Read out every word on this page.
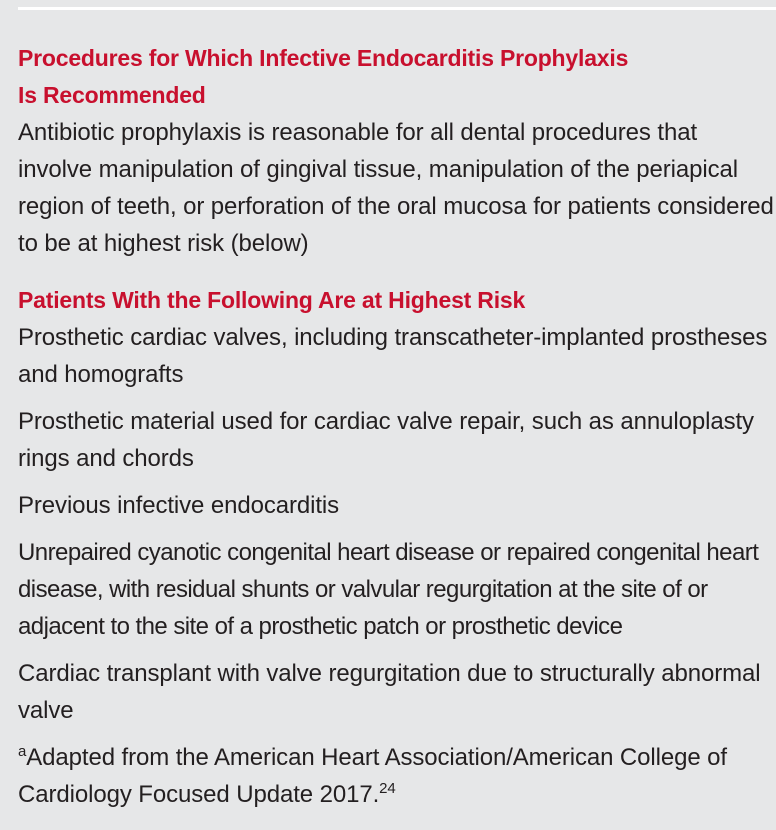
Procedures for Which Infective Endocarditis Prophylaxis
Is Recommended

Antibiotic prophylaxis is reasonable for all dental procedures that involve manipulation of gingival tissue, manipulation of the periapical region of teeth, or perforation of the oral mucosa for patients considered to be at highest risk (below)

Patients With the Following Are at Highest Risk

Prosthetic cardiac valves, including transcatheter-implanted prostheses and homografts

Prosthetic material used for cardiac valve repair, such as annuloplasty rings and chords

Previous infective endocarditis

Unrepaired cyanotic congenital heart disease or repaired congenital heart disease, with residual shunts or valvular regurgitation at the site of or adjacent to the site of a prosthetic patch or prosthetic device

Cardiac transplant with valve regurgitation due to structurally abnormal valve

$^a$Adapted from the American Heart Association/American College of Cardiology Focused Update 2017.24
